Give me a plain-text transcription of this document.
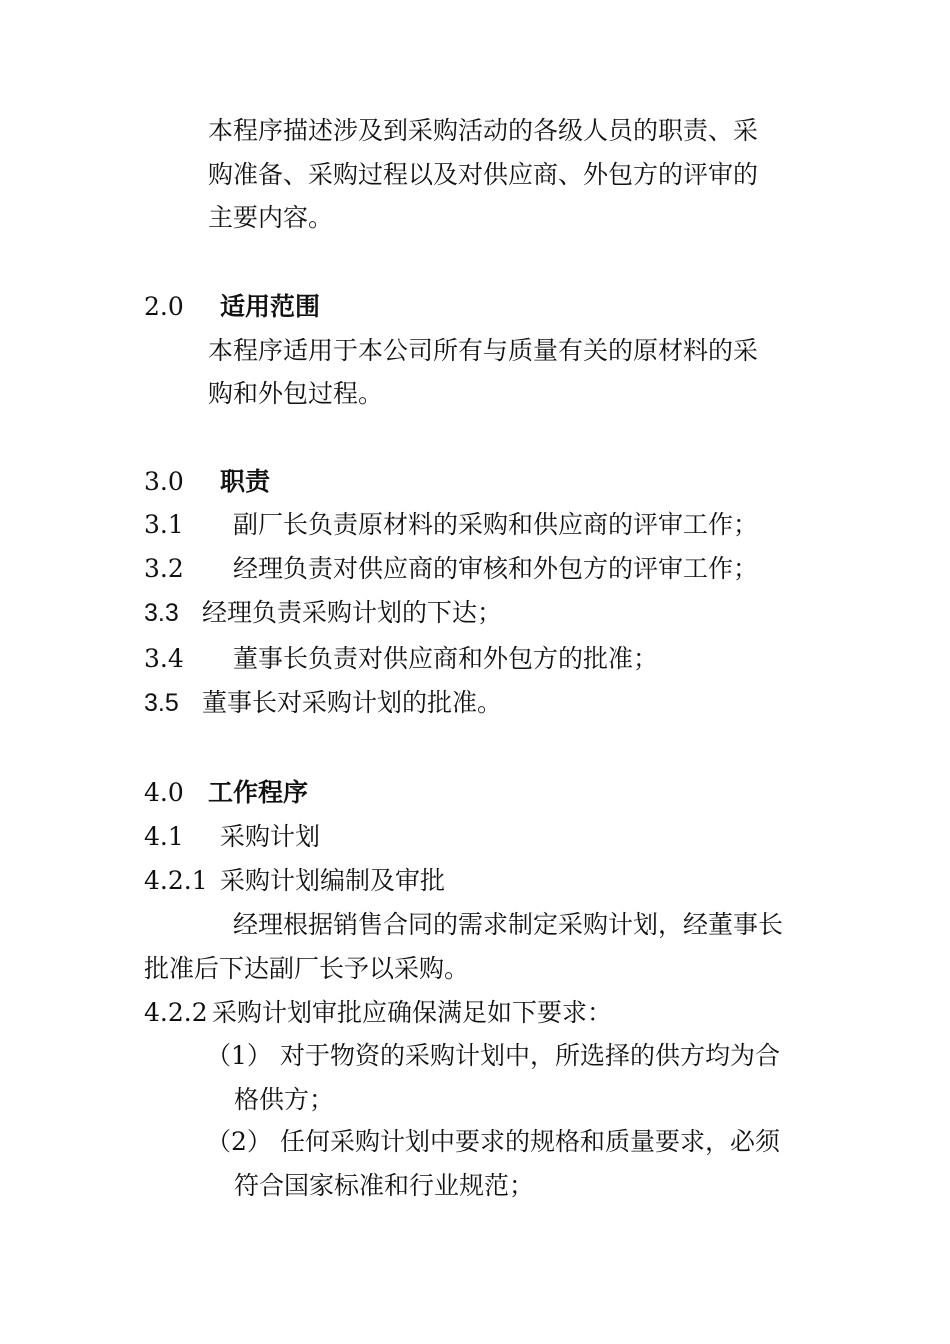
本程序描述涉及到采购活动的各级人员的职责、采
购准备、采购过程以及对供应商、外包方的评审的
主要内容。
2.0 适用范围
本程序适用于本公司所有与质量有关的原材料的采
购和外包过程。
3.0 职责
3.1 副厂长负责原材料的采购和供应商的评审工作；
3.2 经理负责对供应商的审核和外包方的评审工作；
3.3 经理负责采购计划的下达；
3.4 董事长负责对供应商和外包方的批准；
3.5 董事长对采购计划的批准。
4.0 工作程序
4.1 采购计划
4.2.1 采购计划编制及审批
经理根据销售合同的需求制定采购计划，经董事长
批准后下达副厂长予以采购。
4.2.2 采购计划审批应确保满足如下要求：
（1） 对于物资的采购计划中，所选择的供方均为合
格供方；
（2） 任何采购计划中要求的规格和质量要求，必须
符合国家标准和行业规范；
